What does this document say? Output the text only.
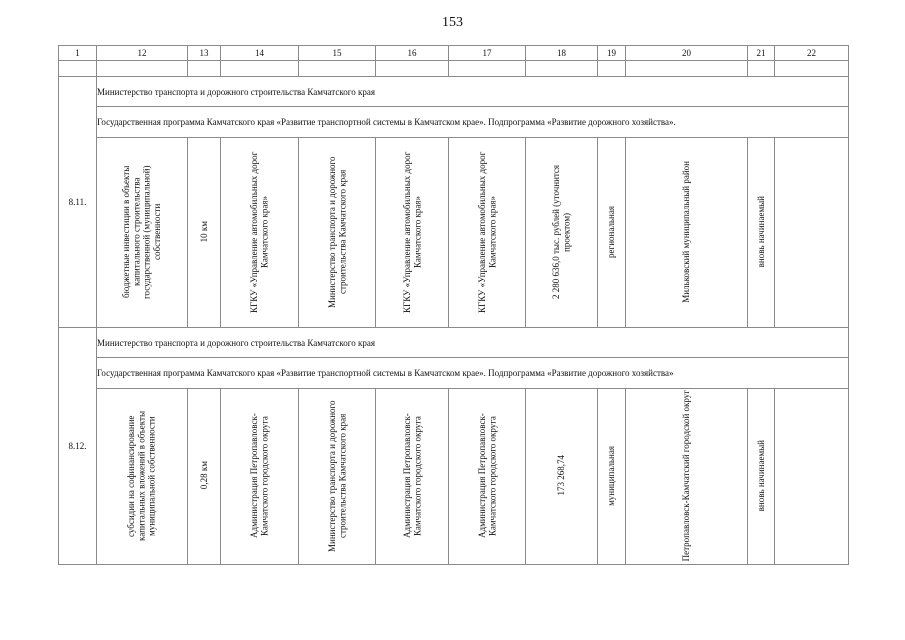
153
1	12	13	14	15	16	17	18	19	20	21	22

8.11.	Министерство транспорта и дорожного строительства Камчатского края										
	Государственная программа Камчатского края «Развитие транспортной системы в Камчатском крае». Подпрограмма «Развитие дорожного хозяйства».										
	бюджетные инвестиции в объекты капитального строительства государственной (муниципальной) собственности	10 км	КГКУ «Управление автомобильных дорог Камчатского края»	Министерство транспорта и дорожного строительства Камчатского края	КГКУ «Управление автомобильных дорог Камчатского края»	КГКУ «Управление автомобильных дорог Камчатского края»	2 280 636,0 тыс. рублей (уточнится проектом)	региональная	Мильковский муниципальный район	вновь начинаемый	
8.12.	Министерство транспорта и дорожного строительства Камчатского края										
	Государственная программа Камчатского края «Развитие транспортной системы в Камчатском крае». Подпрограмма «Развитие дорожного хозяйства»										
	субсидии на софинансирование капитальных вложений в объекты муниципальной собственности	0,28 км	Администрация Петропавловск-Камчатского городского округа	Министерство транспорта и дорожного строительства Камчатского края	Администрация Петропавловск-Камчатского городского округа	Администрация Петропавловск-Камчатского городского округа	173 268,74	муниципальная	Петропавловск-Камчатский городской округ	вновь начинаемый	
